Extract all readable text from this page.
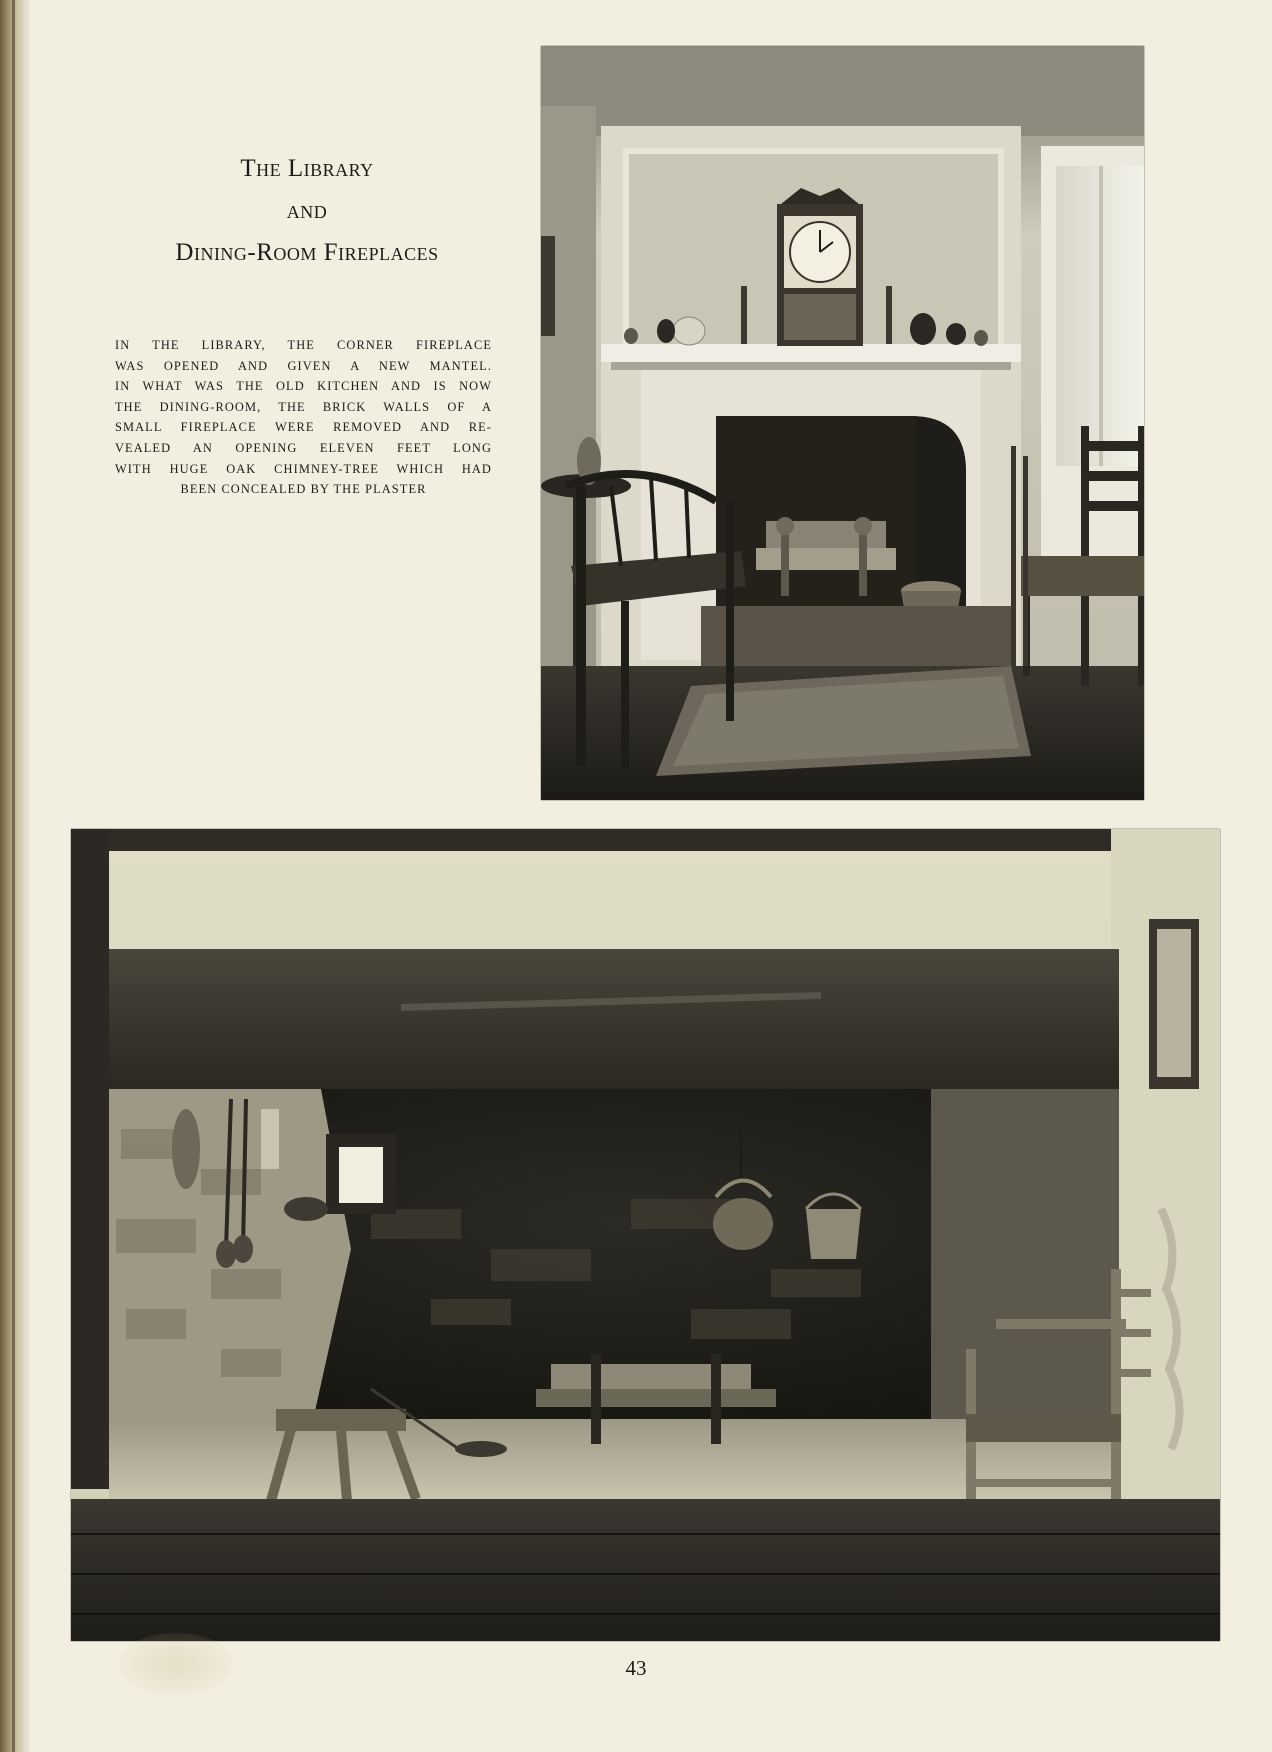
The Library
and
Dining-Room Fireplaces
IN THE LIBRARY, THE CORNER FIREPLACE
WAS OPENED AND GIVEN A NEW MANTEL.
IN WHAT WAS THE OLD KITCHEN AND IS NOW
THE DINING-ROOM, THE BRICK WALLS OF A
SMALL FIREPLACE WERE REMOVED AND RE-
VEALED AN OPENING ELEVEN FEET LONG
WITH HUGE OAK CHIMNEY-TREE WHICH HAD
BEEN CONCEALED BY THE PLASTER
43
